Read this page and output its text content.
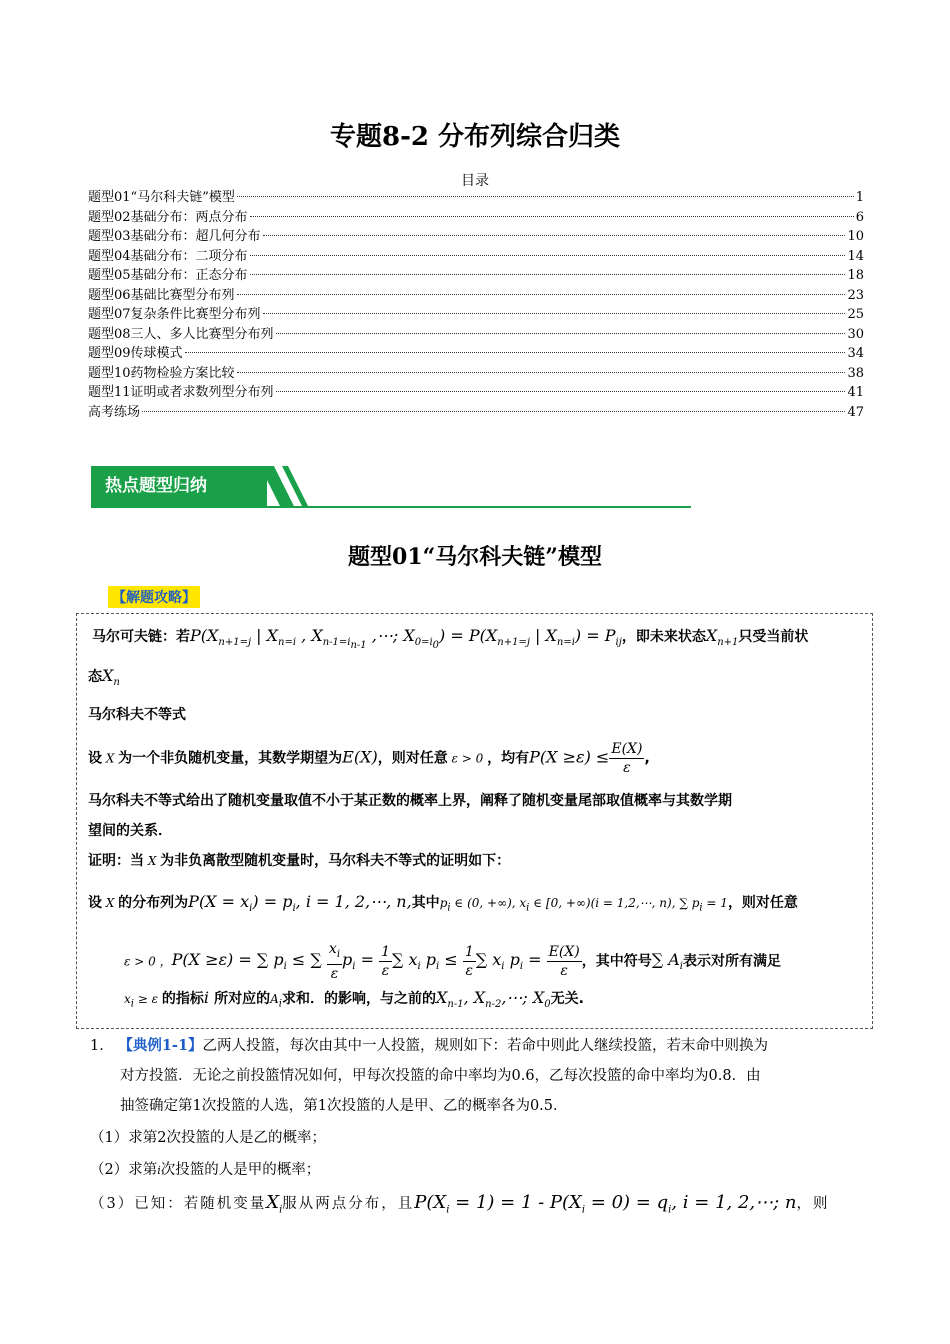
专题8-2 分布列综合归类
目录
题型01“马尔科夫链”模型	1
题型02基础分布：两点分布	6
题型03基础分布：超几何分布	10
题型04基础分布：二项分布	14
题型05基础分布：正态分布	18
题型06基础比赛型分布列	23
题型07复杂条件比赛型分布列	25
题型08三人、多人比赛型分布列	30
题型09传球模式	34
题型10药物检验方案比较	38
题型11证明或者求数列型分布列	41
高考练场	47
热点题型归纳
题型01“马尔科夫链”模型
【解题攻略】
马尔可夫链：若$P(X_{n+1=j}$ | $X_{n=i}$ , $X_{n-1=i_{n-1}}$ ,⋯; $X_{0=i_0}) = P(X_{n+1=j}$ | $X_{n=i}) = P_{ij}$，即未来状态$X_{n+1}$只受当前状
态$X_n$
马尔科夫不等式
设 X 为一个非负随机变量，其数学期望为E(X)，则对任意 ε > 0 ，均有$P(X \ge\varepsilon) \le \frac{E(X)}{\varepsilon}$ ,
马尔科夫不等式给出了随机变量取值不小于某正数的概率上界，阐释了随机变量尾部取值概率与其数学期
望间的关系．
证明：当 X 为非负离散型随机变量时，马尔科夫不等式的证明如下：
设 X 的分布列为$P(X = x_i) = p_i$, i = 1, 2,⋯, n,其中$p_i$ ∈ (0, +∞), $x_i$ ∈ [0, +∞)(i = 1,2,⋯, n), ∑ $p_i = 1$，则对任意
ε > 0 ，P(X ≥ε) = ∑ $p_i$ ≤ ∑ $\frac{x_i}{\varepsilon} p_i = \frac{1}{\varepsilon}$ ∑ $x_i$ $p_i \le \frac{1}{\varepsilon}$ ∑ $x_i$ $p_i = \frac{E(X)}{\varepsilon}$ ，其中符号∑ $A_i$表示对所有满足
$x_i \ge \varepsilon$ 的指标i 所对应的$A_i$求和．的影响，与之前的$X_{n-1}$, $X_{n-2},\cdots$; $X_0$无关.
1． 【典例1-1】乙两人投篮，每次由其中一人投篮，规则如下：若命中则此人继续投篮，若末命中则换为
对方投篮．无论之前投篮情况如何，甲每次投篮的命中率均为0.6，乙每次投篮的命中率均为0.8．由
抽签确定第1次投篮的人选，第1次投篮的人是甲、乙的概率各为0.5．
（1）求第2次投篮的人是乙的概率；
（2）求第i次投篮的人是甲的概率；
（3）已知：若随机变量$X_i$服从两点分布，且$P(X_i = 1) = 1 - P(X_i = 0) = q_i$, i = 1, 2,⋯; n，则
